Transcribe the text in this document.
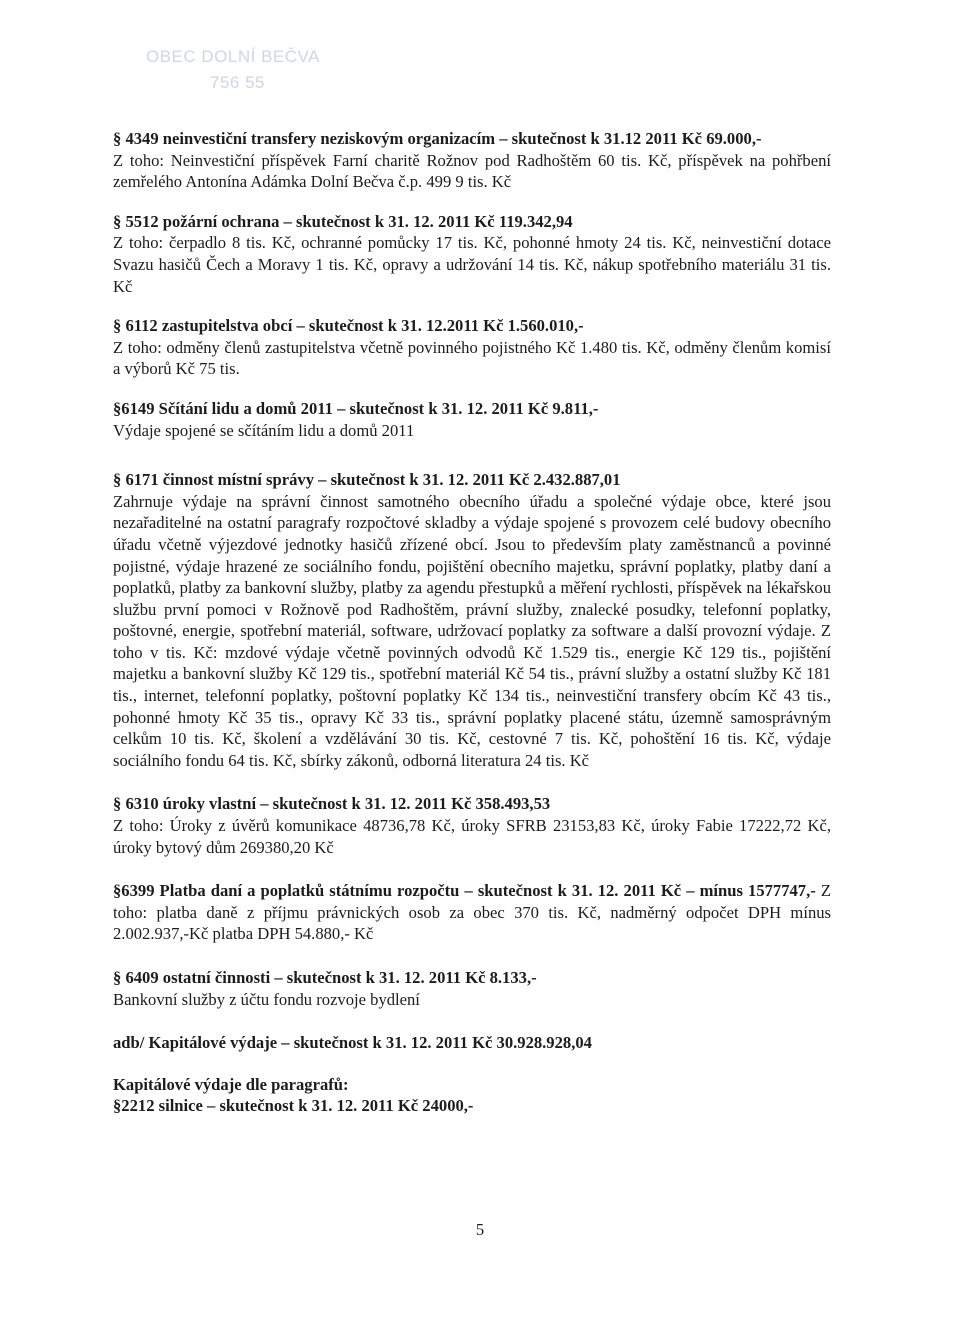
OBEC DOLNÍ BEČVA
756 55

§ 4349 neinvestiční transfery neziskovým organizacím – skutečnost k 31.12 2011 Kč 69.000,-

Z toho: Neinvestiční příspěvek Farní charitě Rožnov pod Radhoštěm 60 tis. Kč, příspěvek na pohřbení zemřelého Antonína Adámka Dolní Bečva č.p. 499 9 tis. Kč

§ 5512 požární ochrana – skutečnost k 31. 12. 2011 Kč 119.342,94

Z toho: čerpadlo 8 tis. Kč, ochranné pomůcky 17 tis. Kč, pohonné hmoty 24 tis. Kč, neinvestiční dotace Svazu hasičů Čech a Moravy 1 tis. Kč, opravy a udržování 14 tis. Kč, nákup spotřebního materiálu 31 tis. Kč

§ 6112 zastupitelstva obcí – skutečnost k 31. 12.2011 Kč 1.560.010,-

Z toho: odměny členů zastupitelstva včetně povinného pojistného Kč 1.480 tis. Kč, odměny členům komisí a výborů Kč 75 tis.

§6149 Sčítání lidu a domů 2011 – skutečnost k 31. 12. 2011 Kč 9.811,-

Výdaje spojené se sčítáním lidu a domů 2011

§ 6171 činnost místní správy – skutečnost k 31. 12. 2011 Kč 2.432.887,01

Zahrnuje výdaje na správní činnost samotného obecního úřadu a společné výdaje obce, které jsou nezařaditelné na ostatní paragrafy rozpočtové skladby a výdaje spojené s provozem celé budovy obecního úřadu včetně výjezdové jednotky hasičů zřízené obcí. Jsou to především platy zaměstnanců a povinné pojistné, výdaje hrazené ze sociálního fondu, pojištění obecního majetku, správní poplatky, platby daní a poplatků, platby za bankovní služby, platby za agendu přestupků a měření rychlosti, příspěvek na lékařskou službu první pomoci v Rožnově pod Radhoštěm, právní služby, znalecké posudky, telefonní poplatky, poštovné, energie, spotřební materiál, software, udržovací poplatky za software a další provozní výdaje. Z toho v tis. Kč: mzdové výdaje včetně povinných odvodů Kč 1.529 tis., energie Kč 129 tis., pojištění majetku a bankovní služby Kč 129 tis., spotřební materiál Kč 54 tis., právní služby a ostatní služby Kč 181 tis., internet, telefonní poplatky, poštovní poplatky Kč 134 tis., neinvestiční transfery obcím Kč 43 tis., pohonné hmoty Kč 35 tis., opravy Kč 33 tis., správní poplatky placené státu, územně samosprávným celkům 10 tis. Kč, školení a vzdělávání 30 tis. Kč, cestovné 7 tis. Kč, pohoštění 16 tis. Kč, výdaje sociálního fondu 64 tis. Kč, sbírky zákonů, odborná literatura 24 tis. Kč

§ 6310 úroky vlastní – skutečnost k 31. 12. 2011 Kč 358.493,53

Z toho: Úroky z úvěrů komunikace 48736,78 Kč, úroky SFRB 23153,83 Kč, úroky Fabie 17222,72 Kč, úroky bytový dům 269380,20 Kč

§6399 Platba daní a poplatků státnímu rozpočtu – skutečnost k 31. 12. 2011 Kč – mínus 1577747,- Z toho: platba daně z příjmu právnických osob za obec 370 tis. Kč, nadměrný odpočet DPH mínus 2.002.937,-Kč platba DPH 54.880,- Kč

§ 6409 ostatní činnosti – skutečnost k 31. 12. 2011 Kč 8.133,-

Bankovní služby z účtu fondu rozvoje bydlení

adb/ Kapitálové výdaje – skutečnost k 31. 12. 2011 Kč 30.928.928,04

Kapitálové výdaje dle paragrafů:

§2212 silnice – skutečnost k 31. 12. 2011 Kč 24000,-

5
